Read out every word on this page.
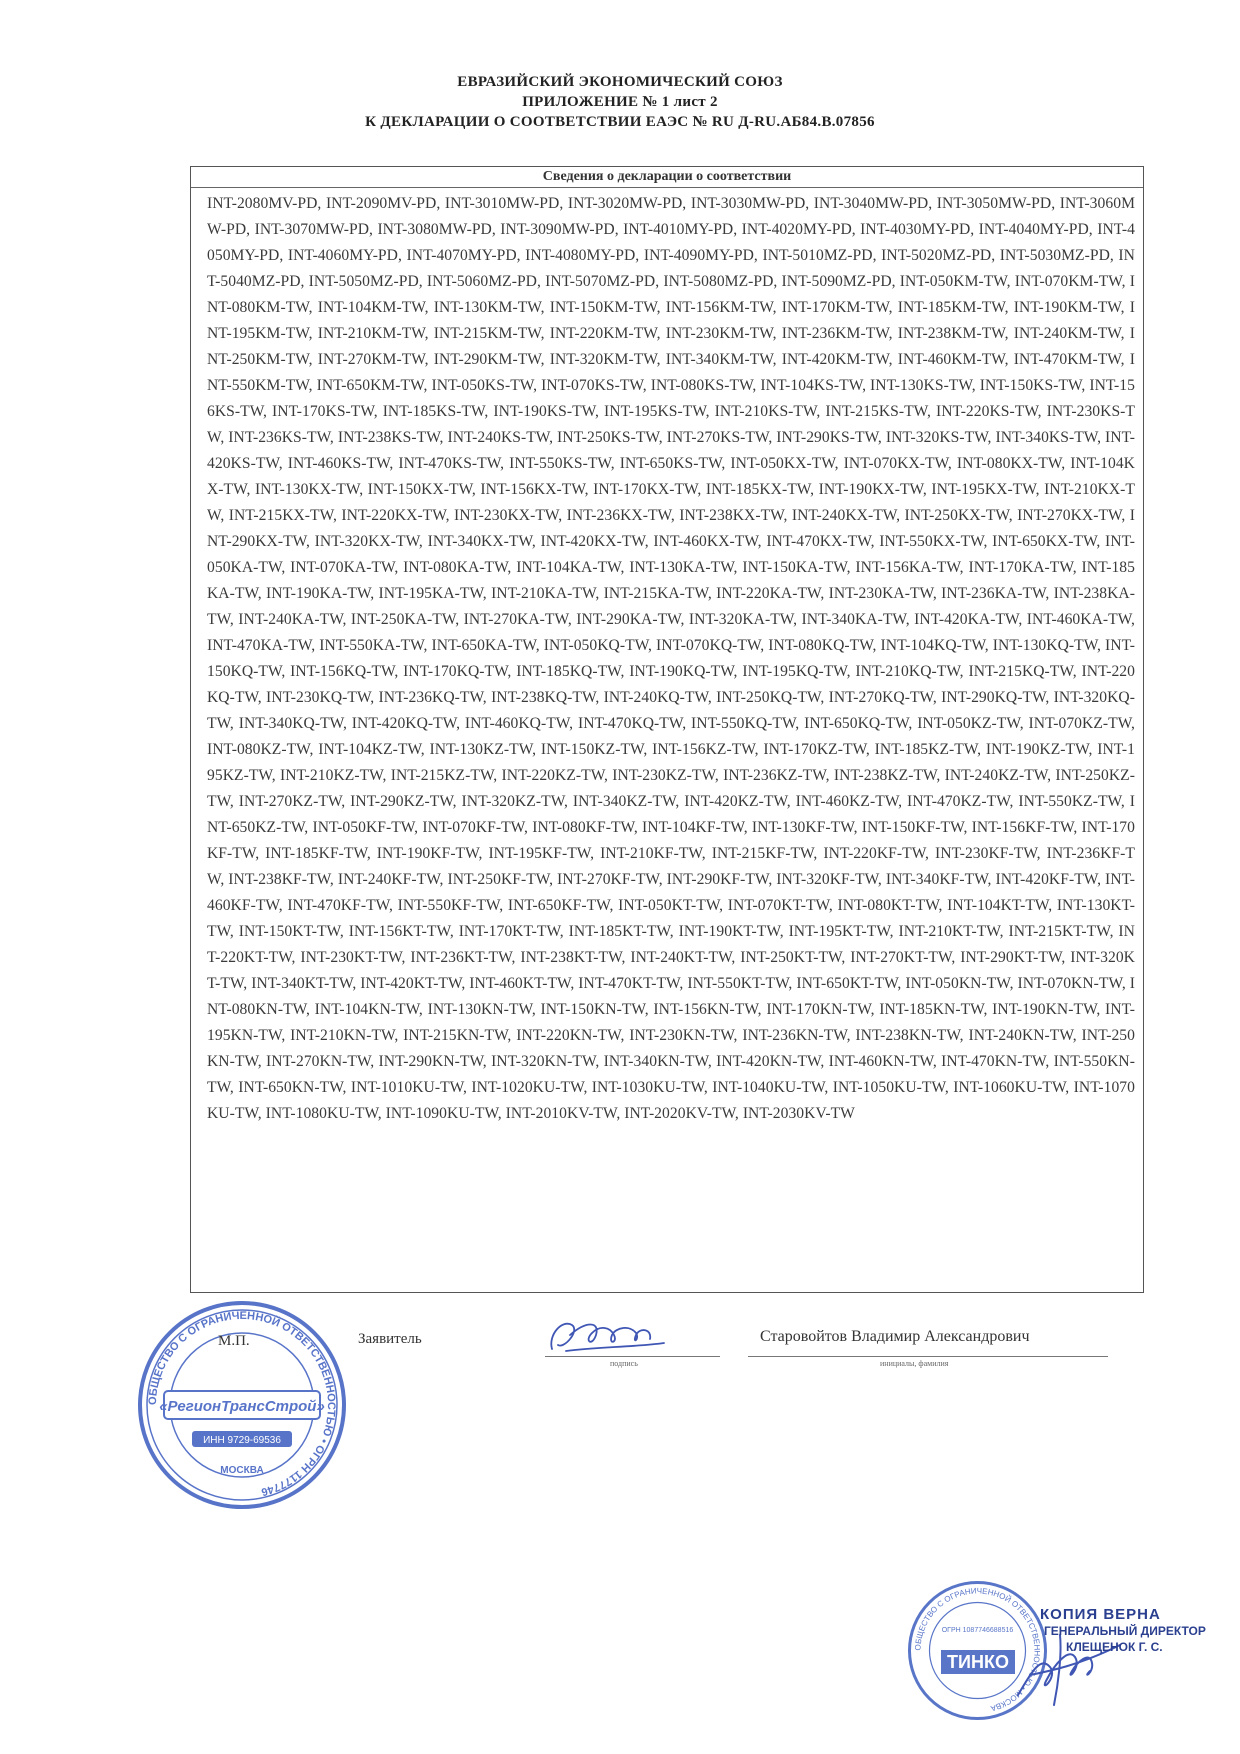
ЕВРАЗИЙСКИЙ ЭКОНОМИЧЕСКИЙ СОЮЗ
ПРИЛОЖЕНИЕ № 1 лист 2
К ДЕКЛАРАЦИИ О СООТВЕТСТВИИ ЕАЭС № RU Д-RU.АБ84.В.07856
Сведения о декларации о соответствии
INT-2080MV-PD, INT-2090MV-PD, INT-3010MW-PD, INT-3020MW-PD, INT-3030MW-PD, INT-3040MW-PD, INT-3050MW-PD, INT-3060MW-PD, INT-3070MW-PD, INT-3080MW-PD, INT-3090MW-PD, INT-4010MY-PD, INT-4020MY-PD, INT-4030MY-PD, INT-4040MY-PD, INT-4050MY-PD, INT-4060MY-PD, INT-4070MY-PD, INT-4080MY-PD, INT-4090MY-PD, INT-5010MZ-PD, INT-5020MZ-PD, INT-5030MZ-PD, INT-5040MZ-PD, INT-5050MZ-PD, INT-5060MZ-PD, INT-5070MZ-PD, INT-5080MZ-PD, INT-5090MZ-PD, INT-050KM-TW, INT-070KM-TW, INT-080KM-TW, INT-104KM-TW, INT-130KM-TW, INT-150KM-TW, INT-156KM-TW, INT-170KM-TW, INT-185KM-TW, INT-190KM-TW, INT-195KM-TW, INT-210KM-TW, INT-215KM-TW, INT-220KM-TW, INT-230KM-TW, INT-236KM-TW, INT-238KM-TW, INT-240KM-TW, INT-250KM-TW, INT-270KM-TW, INT-290KM-TW, INT-320KM-TW, INT-340KM-TW, INT-420KM-TW, INT-460KM-TW, INT-470KM-TW, INT-550KM-TW, INT-650KM-TW, INT-050KS-TW, INT-070KS-TW, INT-080KS-TW, INT-104KS-TW, INT-130KS-TW, INT-150KS-TW, INT-156KS-TW, INT-170KS-TW, INT-185KS-TW, INT-190KS-TW, INT-195KS-TW, INT-210KS-TW, INT-215KS-TW, INT-220KS-TW, INT-230KS-TW, INT-236KS-TW, INT-238KS-TW, INT-240KS-TW, INT-250KS-TW, INT-270KS-TW, INT-290KS-TW, INT-320KS-TW, INT-340KS-TW, INT-420KS-TW, INT-460KS-TW, INT-470KS-TW, INT-550KS-TW, INT-650KS-TW, INT-050KX-TW, INT-070KX-TW, INT-080KX-TW, INT-104KX-TW, INT-130KX-TW, INT-150KX-TW, INT-156KX-TW, INT-170KX-TW, INT-185KX-TW, INT-190KX-TW, INT-195KX-TW, INT-210KX-TW, INT-215KX-TW, INT-220KX-TW, INT-230KX-TW, INT-236KX-TW, INT-238KX-TW, INT-240KX-TW, INT-250KX-TW, INT-270KX-TW, INT-290KX-TW, INT-320KX-TW, INT-340KX-TW, INT-420KX-TW, INT-460KX-TW, INT-470KX-TW, INT-550KX-TW, INT-650KX-TW, INT-050KA-TW, INT-070KA-TW, INT-080KA-TW, INT-104KA-TW, INT-130KA-TW, INT-150KA-TW, INT-156KA-TW, INT-170KA-TW, INT-185KA-TW, INT-190KA-TW, INT-195KA-TW, INT-210KA-TW, INT-215KA-TW, INT-220KA-TW, INT-230KA-TW, INT-236KA-TW, INT-238KA-TW, INT-240KA-TW, INT-250KA-TW, INT-270KA-TW, INT-290KA-TW, INT-320KA-TW, INT-340KA-TW, INT-420KA-TW, INT-460KA-TW, INT-470KA-TW, INT-550KA-TW, INT-650KA-TW, INT-050KQ-TW, INT-070KQ-TW, INT-080KQ-TW, INT-104KQ-TW, INT-130KQ-TW, INT-150KQ-TW, INT-156KQ-TW, INT-170KQ-TW, INT-185KQ-TW, INT-190KQ-TW, INT-195KQ-TW, INT-210KQ-TW, INT-215KQ-TW, INT-220KQ-TW, INT-230KQ-TW, INT-236KQ-TW, INT-238KQ-TW, INT-240KQ-TW, INT-250KQ-TW, INT-270KQ-TW, INT-290KQ-TW, INT-320KQ-TW, INT-340KQ-TW, INT-420KQ-TW, INT-460KQ-TW, INT-470KQ-TW, INT-550KQ-TW, INT-650KQ-TW, INT-050KZ-TW, INT-070KZ-TW, INT-080KZ-TW, INT-104KZ-TW, INT-130KZ-TW, INT-150KZ-TW, INT-156KZ-TW, INT-170KZ-TW, INT-185KZ-TW, INT-190KZ-TW, INT-195KZ-TW, INT-210KZ-TW, INT-215KZ-TW, INT-220KZ-TW, INT-230KZ-TW, INT-236KZ-TW, INT-238KZ-TW, INT-240KZ-TW, INT-250KZ-TW, INT-270KZ-TW, INT-290KZ-TW, INT-320KZ-TW, INT-340KZ-TW, INT-420KZ-TW, INT-460KZ-TW, INT-470KZ-TW, INT-550KZ-TW, INT-650KZ-TW, INT-050KF-TW, INT-070KF-TW, INT-080KF-TW, INT-104KF-TW, INT-130KF-TW, INT-150KF-TW, INT-156KF-TW, INT-170KF-TW, INT-185KF-TW, INT-190KF-TW, INT-195KF-TW, INT-210KF-TW, INT-215KF-TW, INT-220KF-TW, INT-230KF-TW, INT-236KF-TW, INT-238KF-TW, INT-240KF-TW, INT-250KF-TW, INT-270KF-TW, INT-290KF-TW, INT-320KF-TW, INT-340KF-TW, INT-420KF-TW, INT-460KF-TW, INT-470KF-TW, INT-550KF-TW, INT-650KF-TW, INT-050KT-TW, INT-070KT-TW, INT-080KT-TW, INT-104KT-TW, INT-130KT-TW, INT-150KT-TW, INT-156KT-TW, INT-170KT-TW, INT-185KT-TW, INT-190KT-TW, INT-195KT-TW, INT-210KT-TW, INT-215KT-TW, INT-220KT-TW, INT-230KT-TW, INT-236KT-TW, INT-238KT-TW, INT-240KT-TW, INT-250KT-TW, INT-270KT-TW, INT-290KT-TW, INT-320KT-TW, INT-340KT-TW, INT-420KT-TW, INT-460KT-TW, INT-470KT-TW, INT-550KT-TW, INT-650KT-TW, INT-050KN-TW, INT-070KN-TW, INT-080KN-TW, INT-104KN-TW, INT-130KN-TW, INT-150KN-TW, INT-156KN-TW, INT-170KN-TW, INT-185KN-TW, INT-190KN-TW, INT-195KN-TW, INT-210KN-TW, INT-215KN-TW, INT-220KN-TW, INT-230KN-TW, INT-236KN-TW, INT-238KN-TW, INT-240KN-TW, INT-250KN-TW, INT-270KN-TW, INT-290KN-TW, INT-320KN-TW, INT-340KN-TW, INT-420KN-TW, INT-460KN-TW, INT-470KN-TW, INT-550KN-TW, INT-650KN-TW, INT-1010KU-TW, INT-1020KU-TW, INT-1030KU-TW, INT-1040KU-TW, INT-1050KU-TW, INT-1060KU-TW, INT-1070KU-TW, INT-1080KU-TW, INT-1090KU-TW, INT-2010KV-TW, INT-2020KV-TW, INT-2030KV-TW
ОБЩЕСТВО С ОГРАНИЧЕННОЙ ОТВЕТСТВЕННОСТЬЮ • ОГРН 1177746
«РегионТрансСтрой»
ИНН 9729-69536
МОСКВА
М.П.	Заявитель
подпись
Старовойтов Владимир Александрович
инициалы, фамилия
ОБЩЕСТВО С ОГРАНИЧЕННОЙ ОТВЕТСТВЕННОСТЬЮ • МОСКВА
ОГРН 1087746688516
ТИНКО
КОПИЯ ВЕРНА
ГЕНЕРАЛЬНЫЙ ДИРЕКТОР
КЛЕЩЕНОК Г. С.
